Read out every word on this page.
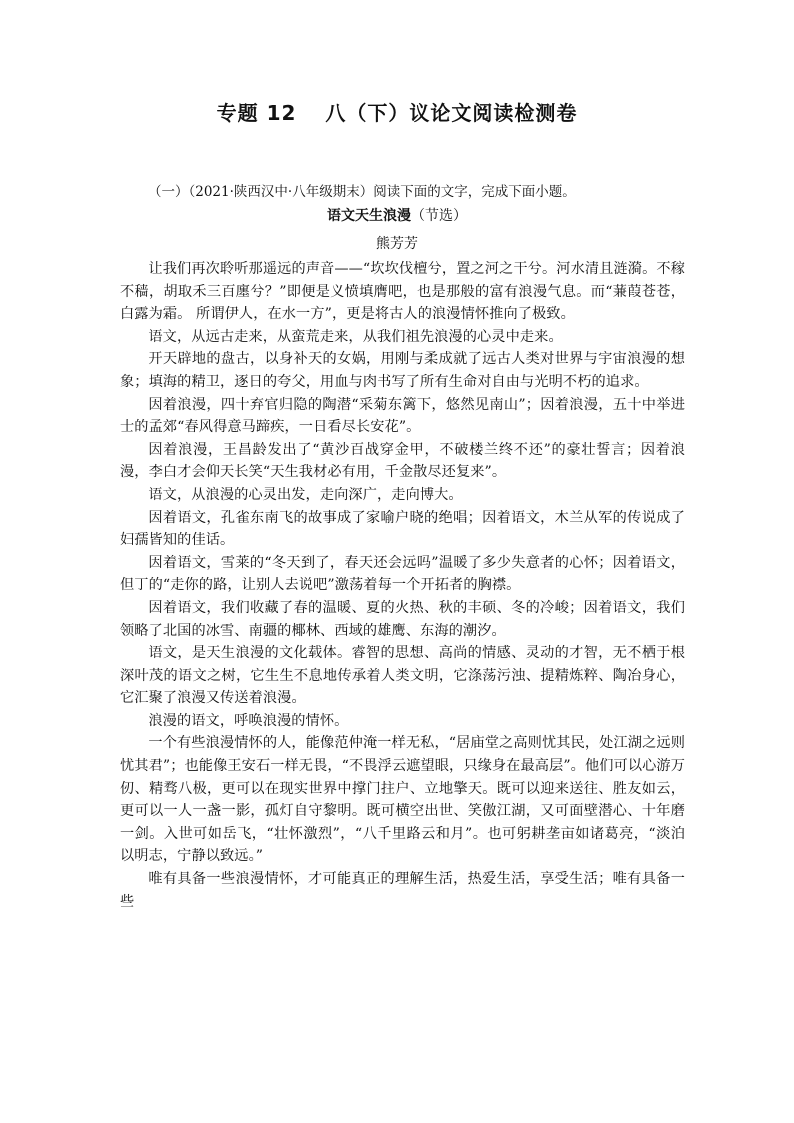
专题 12　 八（下）议论文阅读检测卷
（一）（2021·陕西汉中·八年级期末）阅读下面的文字，完成下面小题。
语文天生浪漫（节选）
熊芳芳

让我们再次聆听那遥远的声音——“坎坎伐檀兮，置之河之干兮。河水清且涟漪。不稼不穑，胡取禾三百廛兮？”即便是义愤填膺吧，也是那般的富有浪漫气息。而“蒹葭苍苍，白露为霜。 所谓伊人，在水一方”，更是将古人的浪漫情怀推向了极致。

语文，从远古走来，从蛮荒走来，从我们祖先浪漫的心灵中走来。

开天辟地的盘古，以身补天的女娲，用刚与柔成就了远古人类对世界与宇宙浪漫的想象；填海的精卫，逐日的夸父，用血与肉书写了所有生命对自由与光明不朽的追求。

因着浪漫，四十弃官归隐的陶潜“采菊东篱下，悠然见南山”；因着浪漫，五十中举进士的孟郊“春风得意马蹄疾，一日看尽长安花”。

因着浪漫，王昌龄发出了“黄沙百战穿金甲，不破楼兰终不还”的豪壮誓言；因着浪漫，李白才会仰天长笑“天生我材必有用，千金散尽还复来”。

语文，从浪漫的心灵出发，走向深广，走向博大。

因着语文，孔雀东南飞的故事成了家喻户晓的绝唱；因着语文，木兰从军的传说成了妇孺皆知的佳话。

因着语文，雪莱的“冬天到了，春天还会远吗”温暖了多少失意者的心怀；因着语文，但丁的“走你的路，让别人去说吧”激荡着每一个开拓者的胸襟。

因着语文，我们收藏了春的温暖、夏的火热、秋的丰硕、冬的冷峻；因着语文，我们领略了北国的冰雪、南疆的椰林、西域的雄鹰、东海的潮汐。

语文，是天生浪漫的文化载体。睿智的思想、高尚的情感、灵动的才智，无不栖于根深叶茂的语文之树，它生生不息地传承着人类文明，它涤荡污浊、提精炼粹、陶冶身心，它汇聚了浪漫又传送着浪漫。

浪漫的语文，呼唤浪漫的情怀。

一个有些浪漫情怀的人，能像范仲淹一样无私，“居庙堂之高则忧其民，处江湖之远则忧其君”；也能像王安石一样无畏，“不畏浮云遮望眼，只缘身在最高层”。他们可以心游万仞、精骛八极，更可以在现实世界中撑门拄户、立地擎天。既可以迎来送往、胜友如云，更可以一人一盏一影，孤灯自守黎明。既可横空出世、笑傲江湖，又可面壁潜心、十年磨一剑。入世可如岳飞，“壮怀激烈”，“八千里路云和月”。也可躬耕垄亩如诸葛亮，“淡泊以明志，宁静以致远。”

唯有具备一些浪漫情怀，才可能真正的理解生活，热爱生活，享受生活；唯有具备一些
